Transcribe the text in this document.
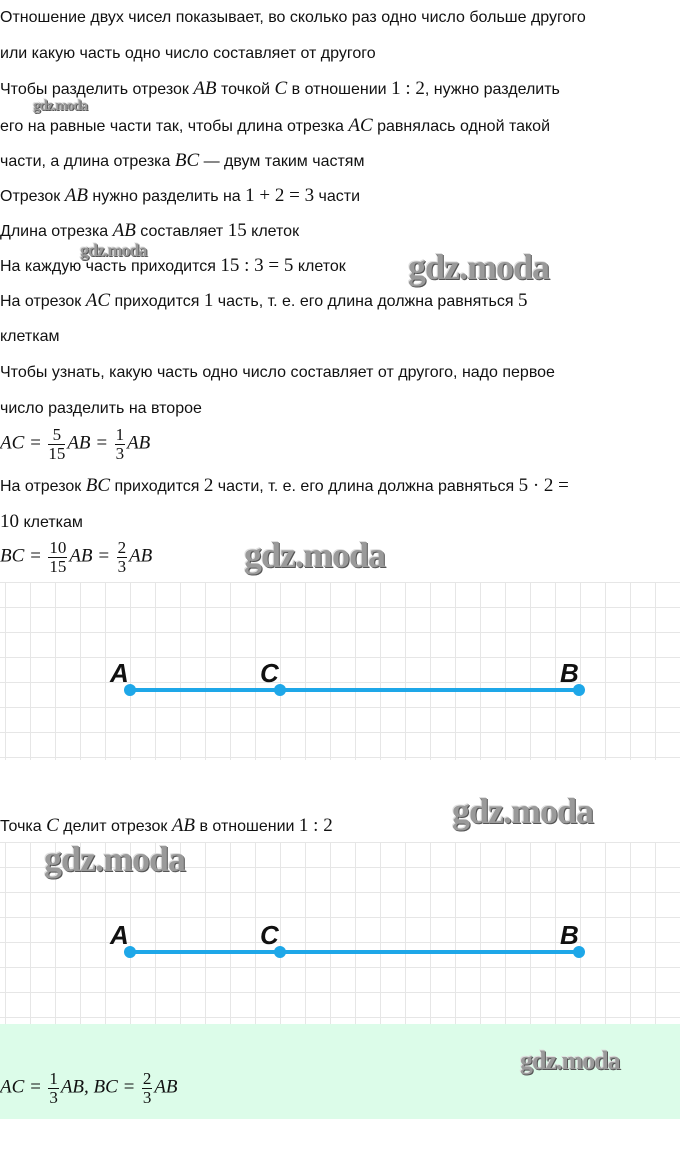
Отношение двух чисел показывает, во сколько раз одно число больше другого
или какую часть одно число составляет от другого
Чтобы разделить отрезок AB точкой C в отношении 1 : 2, нужно разделить
его на равные части так, чтобы длина отрезка AC равнялась одной такой
части, а длина отрезка BC — двум таким частям
Отрезок AB нужно разделить на 1 + 2 = 3 части
Длина отрезка AB составляет 15 клеток
На каждую часть приходится 15 : 3 = 5 клеток
На отрезок AC приходится 1 часть, т. е. его длина должна равняться 5
клеткам
Чтобы узнать, какую часть одно число составляет от другого, надо первое
число разделить на второе
AC = $\frac{5}{15}$ AB = $\frac{1}{3}$ AB
На отрезок BC приходится 2 части, т. е. его длина должна равняться 5 · 2 =
10 клеткам
BC = $\frac{10}{15}$ AB = $\frac{2}{3}$ AB
A	C	B
Точка C делит отрезок AB в отношении 1 : 2
A	C	B
AC = $\frac{1}{3}$ AB, BC = $\frac{2}{3}$ AB
gdz.moda
gdz.moda	gdz.moda
gdz.moda
gdz.moda
gdz.moda
gdz.moda
